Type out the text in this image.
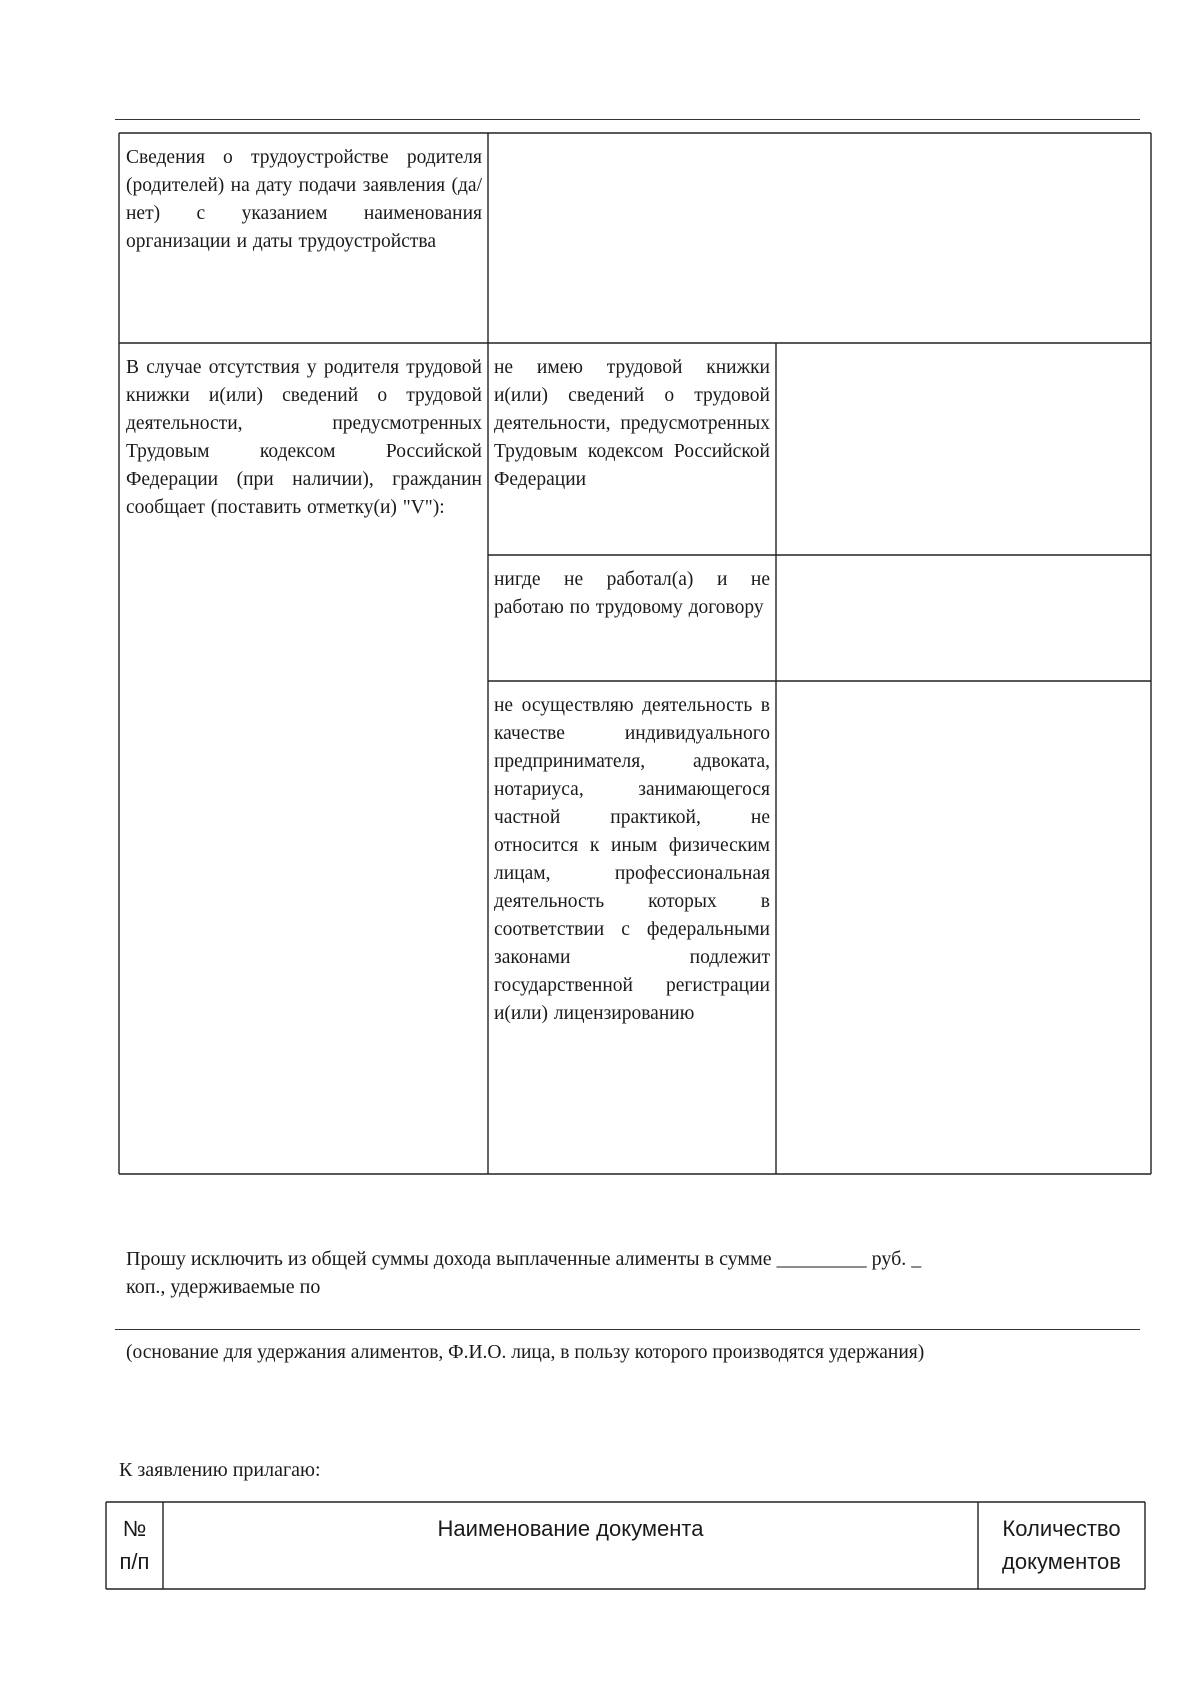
Сведения о трудоустройстве родителя (родителей) на дату подачи заявления (да/нет) с указанием наименования организации и даты трудоустройства
В случае отсутствия у родителя трудовой книжки и(или) сведений о трудовой деятельности, предусмотренных Трудовым кодексом Российской Федерации (при наличии), гражданин сообщает (поставить отметку(и) "V"):
не имею трудовой книжки и(или) сведений о трудовой деятельности, предусмотренных Трудовым кодексом Российской Федерации
нигде не работал(а) и не работаю по трудовому договору
не осуществляю деятельность в качестве индивидуального предпринимателя, адвоката, нотариуса, занимающегося частной практикой, не относится к иным физическим лицам, профессиональная деятельность которых в соответствии с федеральными законами подлежит государственной регистрации и(или) лицензированию
Прошу исключить из общей суммы дохода выплаченные алименты в сумме _________ руб. _
коп., удерживаемые по
(основание для удержания алиментов, Ф.И.О. лица, в пользу которого производятся удержания)
К заявлению прилагаю:
№
п/п
Наименование документа	Количество
документов
